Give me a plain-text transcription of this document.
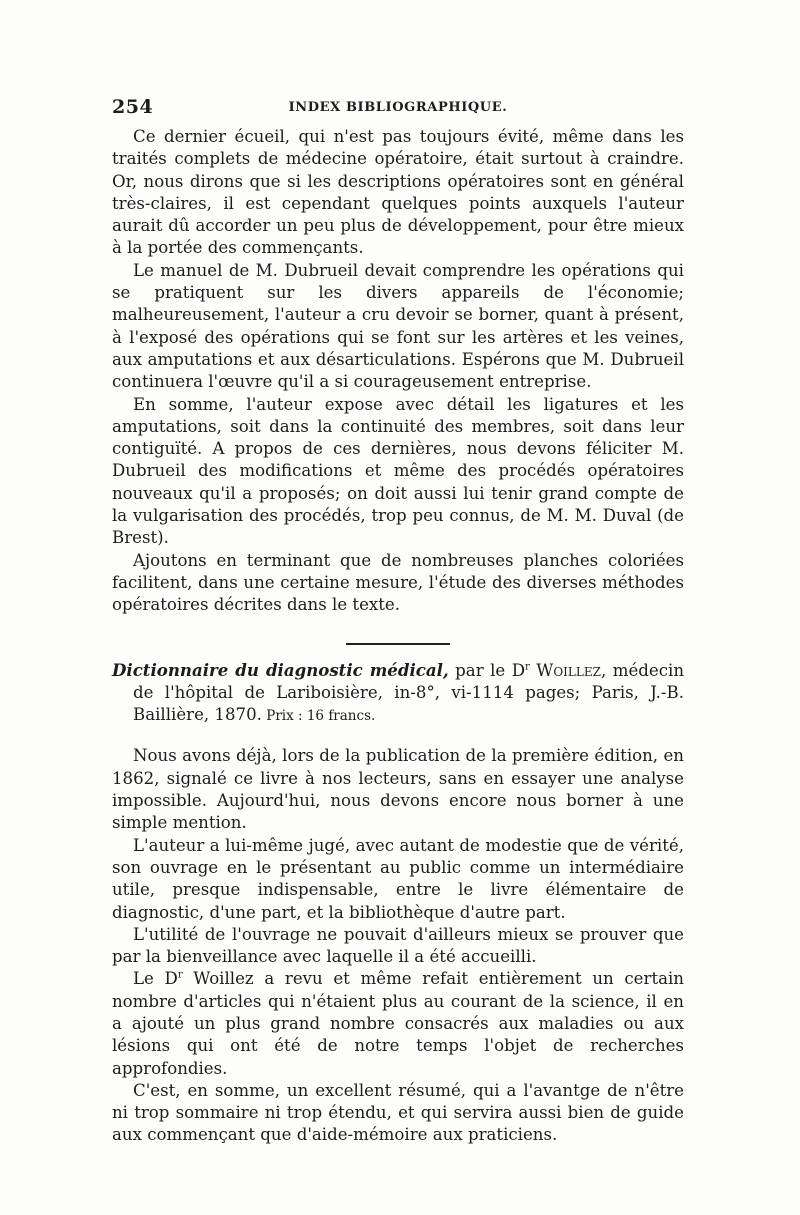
254	INDEX BIBLIOGRAPHIQUE.

Ce dernier écueil, qui n'est pas toujours évité, même dans les traités complets de médecine opératoire, était surtout à craindre. Or, nous dirons que si les descriptions opératoires sont en général très-claires, il est cependant quelques points auxquels l'auteur aurait dû accorder un peu plus de développement, pour être mieux à la portée des commençants.

Le manuel de M. Dubrueil devait comprendre les opérations qui se pratiquent sur les divers appareils de l'économie; malheureusement, l'auteur a cru devoir se borner, quant à présent, à l'exposé des opérations qui se font sur les artères et les veines, aux amputations et aux désarticulations. Espérons que M. Dubrueil continuera l'œuvre qu'il a si courageusement entreprise.

En somme, l'auteur expose avec détail les ligatures et les amputations, soit dans la continuité des membres, soit dans leur contiguïté. A propos de ces dernières, nous devons féliciter M. Dubrueil des modifications et même des procédés opératoires nouveaux qu'il a proposés; on doit aussi lui tenir grand compte de la vulgarisation des procédés, trop peu connus, de M. M. Duval (de Brest).

Ajoutons en terminant que de nombreuses planches coloriées facilitent, dans une certaine mesure, l'étude des diverses méthodes opératoires décrites dans le texte.

Dictionnaire du diagnostic médical, par le $D^r$ Woillez, médecin de l'hôpital de Lariboisière, in-8°, vi-1114 pages; Paris, J.-B. Baillière, 1870. Prix : 16 francs.

Nous avons déjà, lors de la publication de la première édition, en 1862, signalé ce livre à nos lecteurs, sans en essayer une analyse impossible. Aujourd'hui, nous devons encore nous borner à une simple mention.

L'auteur a lui-même jugé, avec autant de modestie que de vérité, son ouvrage en le présentant au public comme un intermédiaire utile, presque indispensable, entre le livre élémentaire de diagnostic, d'une part, et la bibliothèque d'autre part.

L'utilité de l'ouvrage ne pouvait d'ailleurs mieux se prouver que par la bienveillance avec laquelle il a été accueilli.

Le $D^r$ Woillez a revu et même refait entièrement un certain nombre d'articles qui n'étaient plus au courant de la science, il en a ajouté un plus grand nombre consacrés aux maladies ou aux lésions qui ont été de notre temps l'objet de recherches approfondies.

C'est, en somme, un excellent résumé, qui a l'avantge de n'être ni trop sommaire ni trop étendu, et qui servira aussi bien de guide aux commençant que d'aide-mémoire aux praticiens.
